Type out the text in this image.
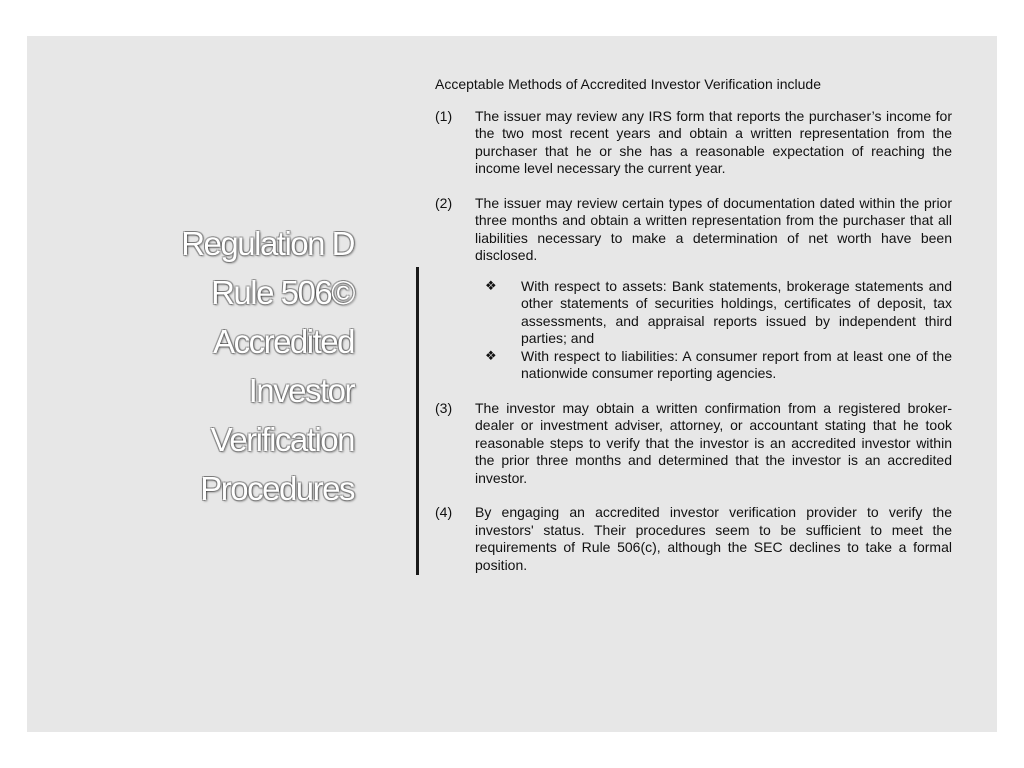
Regulation D
Rule 506©
Accredited
Investor
Verification
Procedures

Acceptable Methods of Accredited Investor Verification include

(1)	The issuer may review any IRS form that reports the purchaser’s income for the two most recent years and obtain a written representation from the purchaser that he or she has a reasonable expectation of reaching the income level necessary the current year.

(2)	The issuer may review certain types of documentation dated within the prior three months and obtain a written representation from the purchaser that all liabilities necessary to make a determination of net worth have been disclosed.

❖	With respect to assets: Bank statements, brokerage statements and other statements of securities holdings, certificates of deposit, tax assessments, and appraisal reports issued by independent third parties; and
❖	With respect to liabilities: A consumer report from at least one of the nationwide consumer reporting agencies.
(3)	The investor may obtain a written confirmation from a registered broker-dealer or investment adviser, attorney, or accountant stating that he took reasonable steps to verify that the investor is an accredited investor within the prior three months and determined that the investor is an accredited investor.

(4)	By engaging an accredited investor verification provider to verify the investors' status. Their procedures seem to be sufficient to meet the requirements of Rule 506(c), although the SEC declines to take a formal position.
